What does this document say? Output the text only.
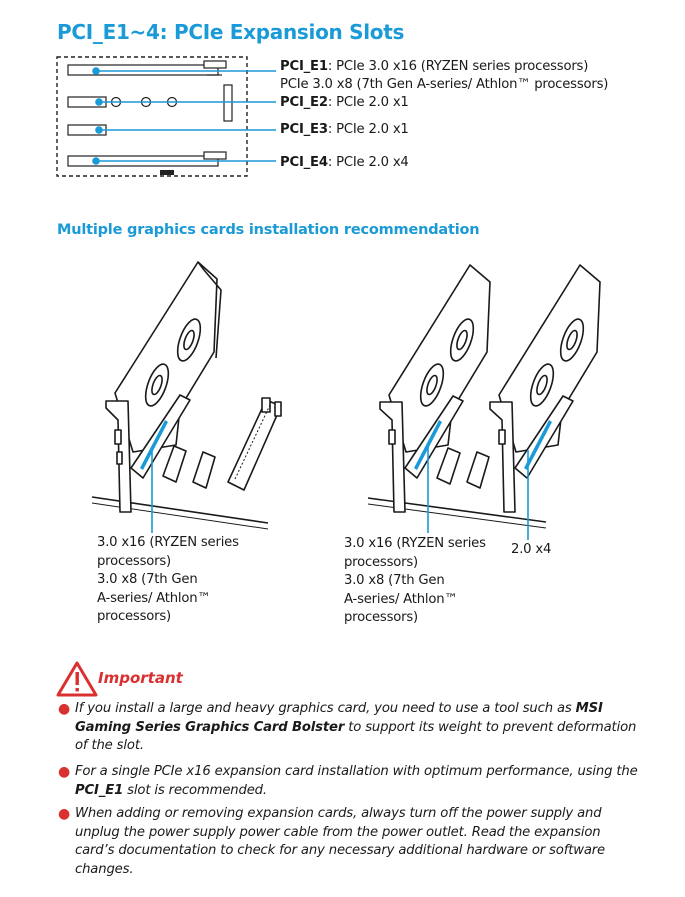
PCI_E1~4: PCIe Expansion Slots
Multiple graphics cards installation recommendation
PCI_E1: PCIe 3.0 x16 (RYZEN series processors)
PCIe 3.0 x8 (7th Gen A-series/ Athlon™ processors)
PCI_E2: PCIe 2.0 x1
PCI_E3: PCIe 2.0 x1
PCI_E4: PCIe 2.0 x4
3.0 x16 (RYZEN series
processors)
3.0 x8 (7th Gen
A-series/ Athlon™
processors)
3.0 x16 (RYZEN series
processors)
3.0 x8 (7th Gen
A-series/ Athlon™
processors)
2.0 x4
Important
● If you install a large and heavy graphics card, you need to use a tool such as MSI Gaming Series Graphics Card Bolster to support its weight to prevent deformation of the slot.
● For a single PCIe x16 expansion card installation with optimum performance, using the PCI_E1 slot is recommended.
● When adding or removing expansion cards, always turn off the power supply and unplug the power supply power cable from the power outlet. Read the expansion card’s documentation to check for any necessary additional hardware or software changes.
